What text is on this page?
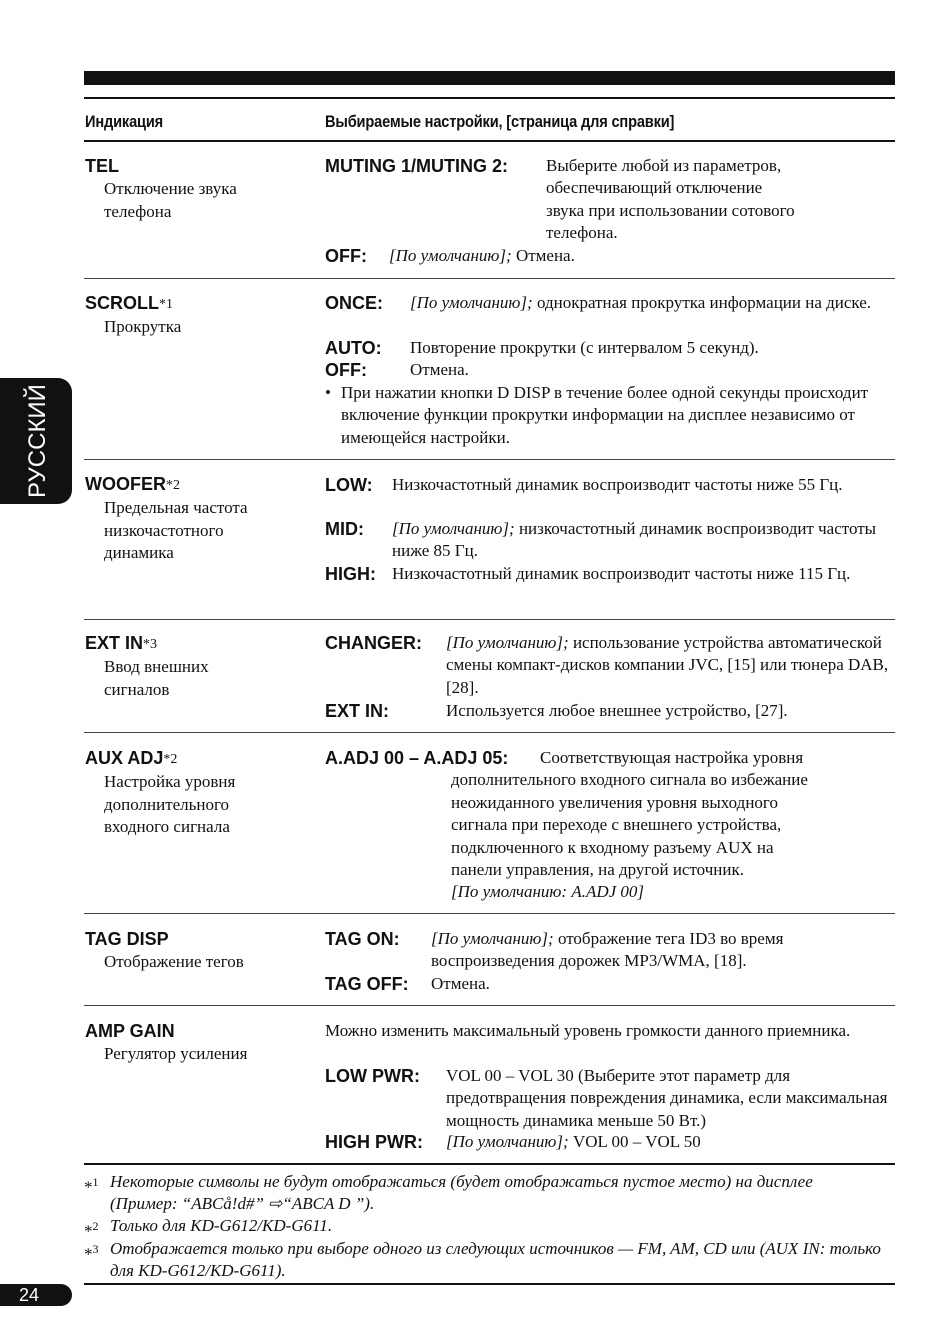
Индикация	Выбираемые настройки, [страница для справки]
TEL
Отключение звука
телефона
MUTING 1/MUTING 2: Выберите любой из параметров,
обеспечивающий отключение
звука при использовании сотового
телефона.
OFF:	[По умолчанию]; Отмена.
SCROLL*1
Прокрутка
ONCE:	[По умолчанию]; однократная прокрутка информации на диске.
AUTO:	Повторение прокрутки (с интервалом 5 секунд).
OFF:	Отмена.
• При нажатии кнопки D DISP в течение более одной секунды происходит включение функции прокрутки информации на дисплее независимо от имеющейся настройки.
WOOFER*2
Предельная частота
низкочастотного
динамика
LOW:	Низкочастотный динамик воспроизводит частоты ниже 55 Гц.
MID:	[По умолчанию]; низкочастотный динамик воспроизводит частоты ниже 85 Гц.
HIGH: Низкочастотный динамик воспроизводит частоты ниже 115 Гц.
EXT IN*3
Ввод внешних
сигналов
CHANGER:	[По умолчанию]; использование устройства автоматической смены компакт-дисков компании JVC, [15] или тюнера DAB, [28].
EXT IN:	Используется любое внешнее устройство, [27].
AUX ADJ*2
Настройка уровня
дополнительного
входного сигнала
A.ADJ 00 – A.ADJ 05:	Соответствующая настройка уровня
дополнительного входного сигнала во избежание
неожиданного увеличения уровня выходного
сигнала при переходе с внешнего устройства,
подключенного к входному разъему AUX на
панели управления, на другой источник.
[По умолчанию: A.ADJ 00]
TAG DISP
Отображение тегов
TAG ON:	[По умолчанию]; отображение тега ID3 во время воспроизведения дорожек MP3/WMA, [18].
TAG OFF:	Отмена.
AMP GAIN
Регулятор усиления
Можно изменить максимальный уровень громкости данного приемника.
LOW PWR:	VOL 00 – VOL 30 (Выберите этот параметр для предотвращения повреждения динамика, если максимальная мощность динамика меньше 50 Вт.)
HIGH PWR:	[По умолчанию]; VOL 00 – VOL 50
*$^1$ Некоторые символы не будут отображаться (будет отображаться пустое место) на дисплее (Пример: “ABCå!d#” ⇨“ABCA D ”).
*$^2$ Только для KD-G612/KD-G611.
*$^3$ Отображается только при выборе одного из следующих источников — FM, AM, CD или (AUX IN: только для KD-G612/KD-G611).
24
РУССКИЙ
